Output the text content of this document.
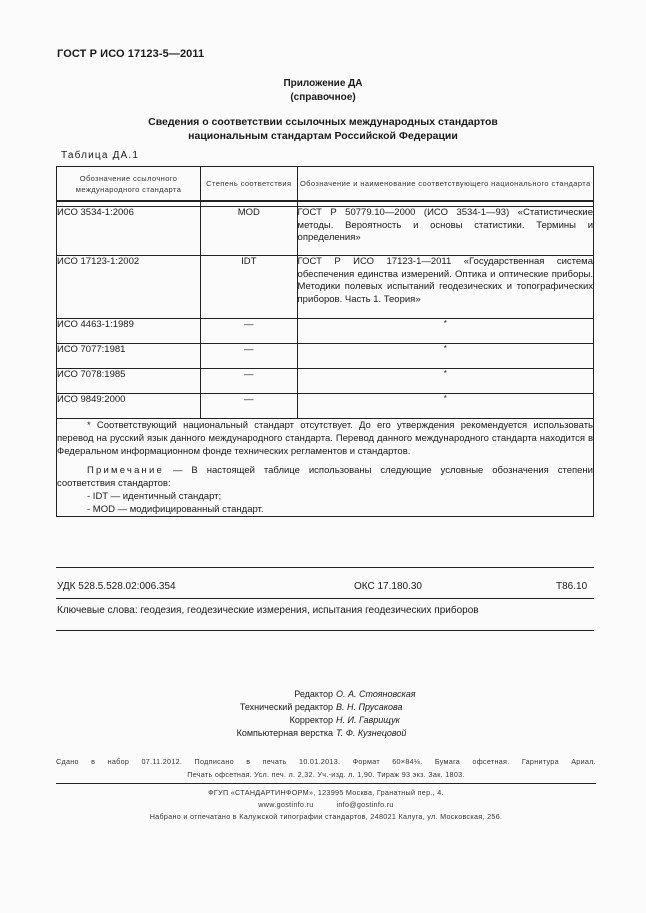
ГОСТ Р ИСО 17123-5—2011
Приложение ДА
(справочное)
Сведения о соответствии ссылочных международных стандартов
национальным стандартам Российской Федерации
Таблица ДА.1
Обозначение ссылочного международного стандарта	Степень соответствия	Обозначение и наименование соответствующего национального стандарта

ИСО 3534-1:2006	MOD	ГОСТ Р 50779.10—2000 (ИСО 3534-1—93) «Статистические методы. Вероятность и основы статистики. Термины и определения»
ИСО 17123-1:2002	IDT	ГОСТ Р ИСО 17123-1—2011 «Государственная система обеспечения единства измерений. Оптика и оптические приборы. Методики полевых испытаний геодезических и топографических приборов. Часть 1. Теория»
ИСО 4463-1:1989	—	*
ИСО 7077:1981	—	*
ИСО 7078:1985	—	*
ИСО 9849:2000	—	*

* Соответствующий национальный стандарт отсутствует. До его утверждения рекомендуется использовать перевод на русский язык данного международного стандарта. Перевод данного международного стандарта находится в Федеральном информационном фонде технических регламентов и стандартов.
Примечание — В настоящей таблице использованы следующие условные обозначения степени соответствия стандартов:
- IDT — идентичный стандарт;
- MOD — модифицированный стандарт.		
УДК 528.5.528.02:006.354	ОКС 17.180.30	Т86.10
Ключевые слова: геодезия, геодезические измерения, испытания геодезических приборов
Редактор О. А. Стояновская
Технический редактор В. Н. Прусакова
Корректор Н. И. Гаврищук
Компьютерная верстка Т. Ф. Кузнецовой
Сдано в набор 07.11.2012. Подписано в печать 10.01.2013. Формат 60×84⅛. Бумага офсетная. Гарнитура Ариал.
Печать офсетная. Усл. печ. л. 2,32. Уч.-изд. л. 1,90. Тираж 93 экз. Зак. 1803.
ФГУП «СТАНДАРТИНФОРМ», 123995 Москва, Гранатный пер., 4.
www.gostinfo.ru          info@gostinfo.ru
Набрано и отпечатано в Калужской типографии стандартов, 248021 Калуга, ул. Московская, 256.
